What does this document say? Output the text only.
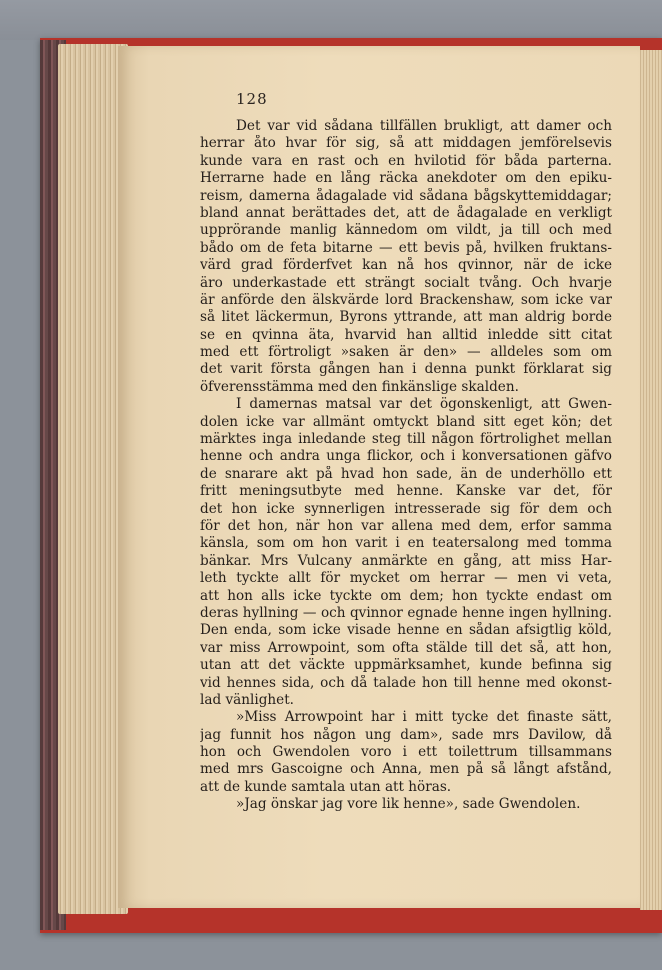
128
Det var vid sådana tillfällen brukligt, att damer och
herrar åto hvar för sig, så att middagen jemförelsevis
kunde vara en rast och en hvilotid för båda parterna.
Herrarne hade en lång räcka anekdoter om den epiku-
reism, damerna ådagalade vid sådana bågskyttemiddagar;
bland annat berättades det, att de ådagalade en verkligt
upprörande manlig kännedom om vildt, ja till och med
bådo om de feta bitarne — ett bevis på, hvilken fruktans-
värd grad förderfvet kan nå hos qvinnor, när de icke
äro underkastade ett strängt socialt tvång. Och hvarje
är anförde den älskvärde lord Brackenshaw, som icke var
så litet läckermun, Byrons yttrande, att man aldrig borde
se en qvinna äta, hvarvid han alltid inledde sitt citat
med ett förtroligt »saken är den» — alldeles som om
det varit första gången han i denna punkt förklarat sig
öfverensstämma med den finkänslige skalden.
I damernas matsal var det ögonskenligt, att Gwen-
dolen icke var allmänt omtyckt bland sitt eget kön; det
märktes inga inledande steg till någon förtrolighet mellan
henne och andra unga flickor, och i konversationen gäfvo
de snarare akt på hvad hon sade, än de underhöllo ett
fritt meningsutbyte med henne. Kanske var det, för
det hon icke synnerligen intresserade sig för dem och
för det hon, när hon var allena med dem, erfor samma
känsla, som om hon varit i en teatersalong med tomma
bänkar. Mrs Vulcany anmärkte en gång, att miss Har-
leth tyckte allt för mycket om herrar — men vi veta,
att hon alls icke tyckte om dem; hon tyckte endast om
deras hyllning — och qvinnor egnade henne ingen hyllning.
Den enda, som icke visade henne en sådan afsigtlig köld,
var miss Arrowpoint, som ofta stälde till det så, att hon,
utan att det väckte uppmärksamhet, kunde befinna sig
vid hennes sida, och då talade hon till henne med okonst-
lad vänlighet.
»Miss Arrowpoint har i mitt tycke det finaste sätt,
jag funnit hos någon ung dam», sade mrs Davilow, då
hon och Gwendolen voro i ett toilettrum tillsammans
med mrs Gascoigne och Anna, men på så långt afstånd,
att de kunde samtala utan att höras.
»Jag önskar jag vore lik henne», sade Gwendolen.
